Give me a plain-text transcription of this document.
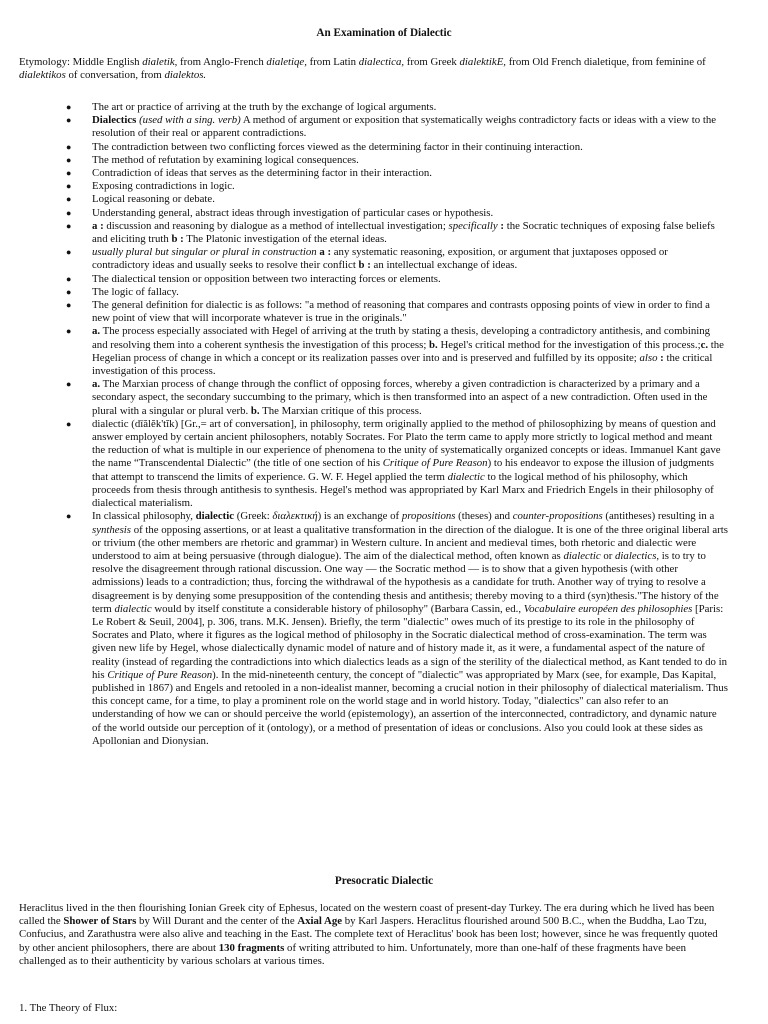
An Examination of Dialectic
Etymology: Middle English dialetik, from Anglo-French dialetiqe, from Latin dialectica, from Greek dialektikE, from Old French dialetique, from feminine of dialektikos of conversation, from dialektos.
● The art or practice of arriving at the truth by the exchange of logical arguments.
● Dialectics (used with a sing. verb) A method of argument or exposition that systematically weighs contradictory facts or ideas with a view to the resolution of their real or apparent contradictions.
● The contradiction between two conflicting forces viewed as the determining factor in their continuing interaction.
● The method of refutation by examining logical consequences.
● Contradiction of ideas that serves as the determining factor in their interaction.
● Exposing contradictions in logic.
● Logical reasoning or debate.
● Understanding general, abstract ideas through investigation of particular cases or hypothesis.
● a : discussion and reasoning by dialogue as a method of intellectual investigation; specifically : the Socratic techniques of exposing false beliefs and eliciting truth b : The Platonic investigation of the eternal ideas.
● usually plural but singular or plural in construction a : any systematic reasoning, exposition, or argument that juxtaposes opposed or contradictory ideas and usually seeks to resolve their conflict b : an intellectual exchange of ideas.
● The dialectical tension or opposition between two interacting forces or elements.
● The logic of fallacy.
● The general definition for dialectic is as follows: "a method of reasoning that compares and contrasts opposing points of view in order to find a new point of view that will incorporate whatever is true in the originals."
● a. The process especially associated with Hegel of arriving at the truth by stating a thesis, developing a contradictory antithesis, and combining and resolving them into a coherent synthesis the investigation of this process; b. Hegel's critical method for the investigation of this process.;c. the Hegelian process of change in which a concept or its realization passes over into and is preserved and fulfilled by its opposite; also : the critical investigation of this process.
● a. The Marxian process of change through the conflict of opposing forces, whereby a given contradiction is characterized by a primary and a secondary aspect, the secondary succumbing to the primary, which is then transformed into an aspect of a new contradiction. Often used in the plural with a singular or plural verb. b. The Marxian critique of this process.
● dialectic (dīălĕk'tĭk) [Gr.,= art of conversation], in philosophy, term originally applied to the method of philosophizing by means of question and answer employed by certain ancient philosophers, notably Socrates. For Plato the term came to apply more strictly to logical method and meant the reduction of what is multiple in our experience of phenomena to the unity of systematically organized concepts or ideas. Immanuel Kant gave the name “Transcendental Dialectic” (the title of one section of his Critique of Pure Reason) to his endeavor to expose the illusion of judgments that attempt to transcend the limits of experience. G. W. F. Hegel applied the term dialectic to the logical method of his philosophy, which proceeds from thesis through antithesis to synthesis. Hegel's method was appropriated by Karl Marx and Friedrich Engels in their philosophy of dialectical materialism.
● In classical philosophy, dialectic (Greek: διαλεκτική) is an exchange of propositions (theses) and counter-propositions (antitheses) resulting in a synthesis of the opposing assertions, or at least a qualitative transformation in the direction of the dialogue. It is one of the three original liberal arts or trivium (the other members are rhetoric and grammar) in Western culture. In ancient and medieval times, both rhetoric and dialectic were understood to aim at being persuasive (through dialogue). The aim of the dialectical method, often known as dialectic or dialectics, is to try to resolve the disagreement through rational discussion. One way — the Socratic method — is to show that a given hypothesis (with other admissions) leads to a contradiction; thus, forcing the withdrawal of the hypothesis as a candidate for truth. Another way of trying to resolve a disagreement is by denying some presupposition of the contending thesis and antithesis; thereby moving to a third (syn)thesis."The history of the term dialectic would by itself constitute a considerable history of philosophy" (Barbara Cassin, ed., Vocabulaire européen des philosophies [Paris: Le Robert & Seuil, 2004], p. 306, trans. M.K. Jensen). Briefly, the term "dialectic" owes much of its prestige to its role in the philosophy of Socrates and Plato, where it figures as the logical method of philosophy in the Socratic dialectical method of cross-examination. The term was given new life by Hegel, whose dialectically dynamic model of nature and of history made it, as it were, a fundamental aspect of the nature of reality (instead of regarding the contradictions into which dialectics leads as a sign of the sterility of the dialectical method, as Kant tended to do in his Critique of Pure Reason). In the mid-nineteenth century, the concept of "dialectic" was appropriated by Marx (see, for example, Das Kapital, published in 1867) and Engels and retooled in a non-idealist manner, becoming a crucial notion in their philosophy of dialectical materialism. Thus this concept came, for a time, to play a prominent role on the world stage and in world history. Today, "dialectics" can also refer to an understanding of how we can or should perceive the world (epistemology), an assertion of the interconnected, contradictory, and dynamic nature of the world outside our perception of it (ontology), or a method of presentation of ideas or conclusions. Also you could look at these sides as Apollonian and Dionysian.
Presocratic Dialectic
Heraclitus lived in the then flourishing Ionian Greek city of Ephesus, located on the western coast of present-day Turkey. The era during which he lived has been called the Shower of Stars by Will Durant and the center of the Axial Age by Karl Jaspers. Heraclitus flourished around 500 B.C., when the Buddha, Lao Tzu, Confucius, and Zarathustra were also alive and teaching in the East. The complete text of Heraclitus' book has been lost; however, since he was frequently quoted by other ancient philosophers, there are about 130 fragments of writing attributed to him. Unfortunately, more than one-half of these fragments have been challenged as to their authenticity by various scholars at various times.
1. The Theory of Flux:
